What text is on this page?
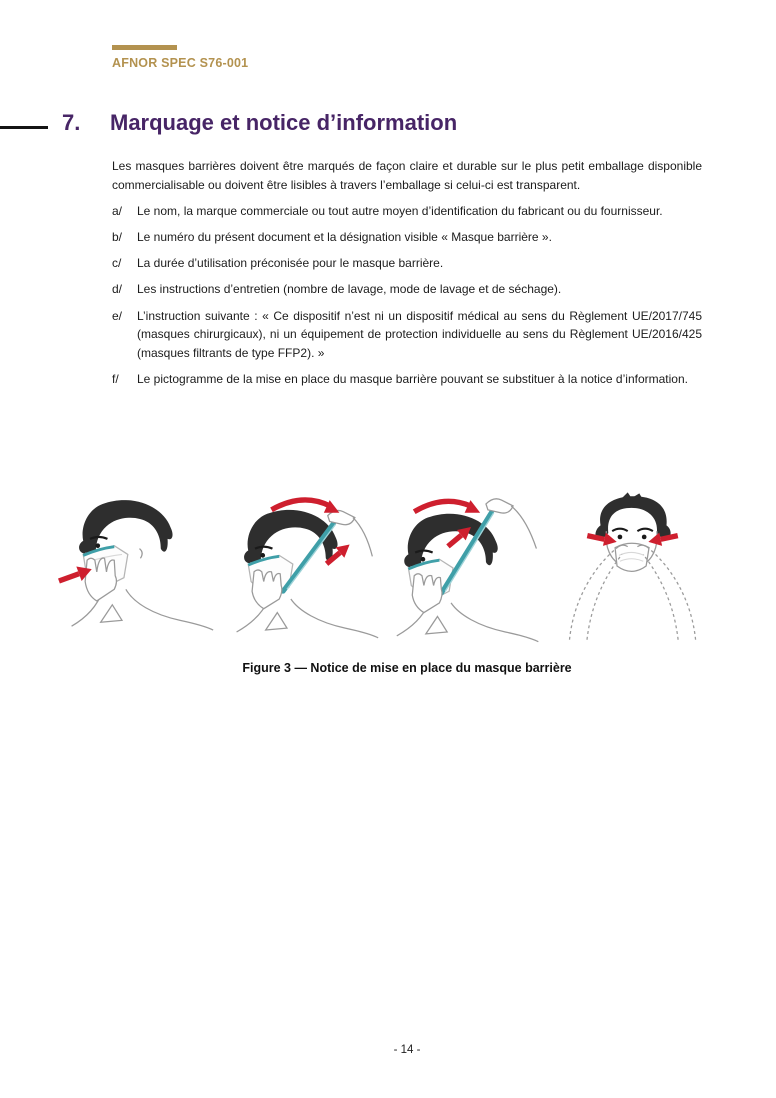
AFNOR SPEC S76-001
7. Marquage et notice d’information

Les masques barrières doivent être marqués de façon claire et durable sur le plus petit emballage disponible commercialisable ou doivent être lisibles à travers l’emballage si celui-ci est transparent.

a/	Le nom, la marque commerciale ou tout autre moyen d’identification du fabricant ou du fournisseur.
b/	Le numéro du présent document et la désignation visible « Masque barrière ».
c/	La durée d’utilisation préconisée pour le masque barrière.
d/	Les instructions d’entretien (nombre de lavage, mode de lavage et de séchage).
e/	L’instruction suivante : « Ce dispositif n’est ni un dispositif médical au sens du Règlement UE/2017/745 (masques chirurgicaux), ni un équipement de protection individuelle au sens du Règlement UE/2016/425 (masques filtrants de type FFP2). »
f/	Le pictogramme de la mise en place du masque barrière pouvant se substituer à la notice d’information.
Figure 3 — Notice de mise en place du masque barrière
- 14 -
